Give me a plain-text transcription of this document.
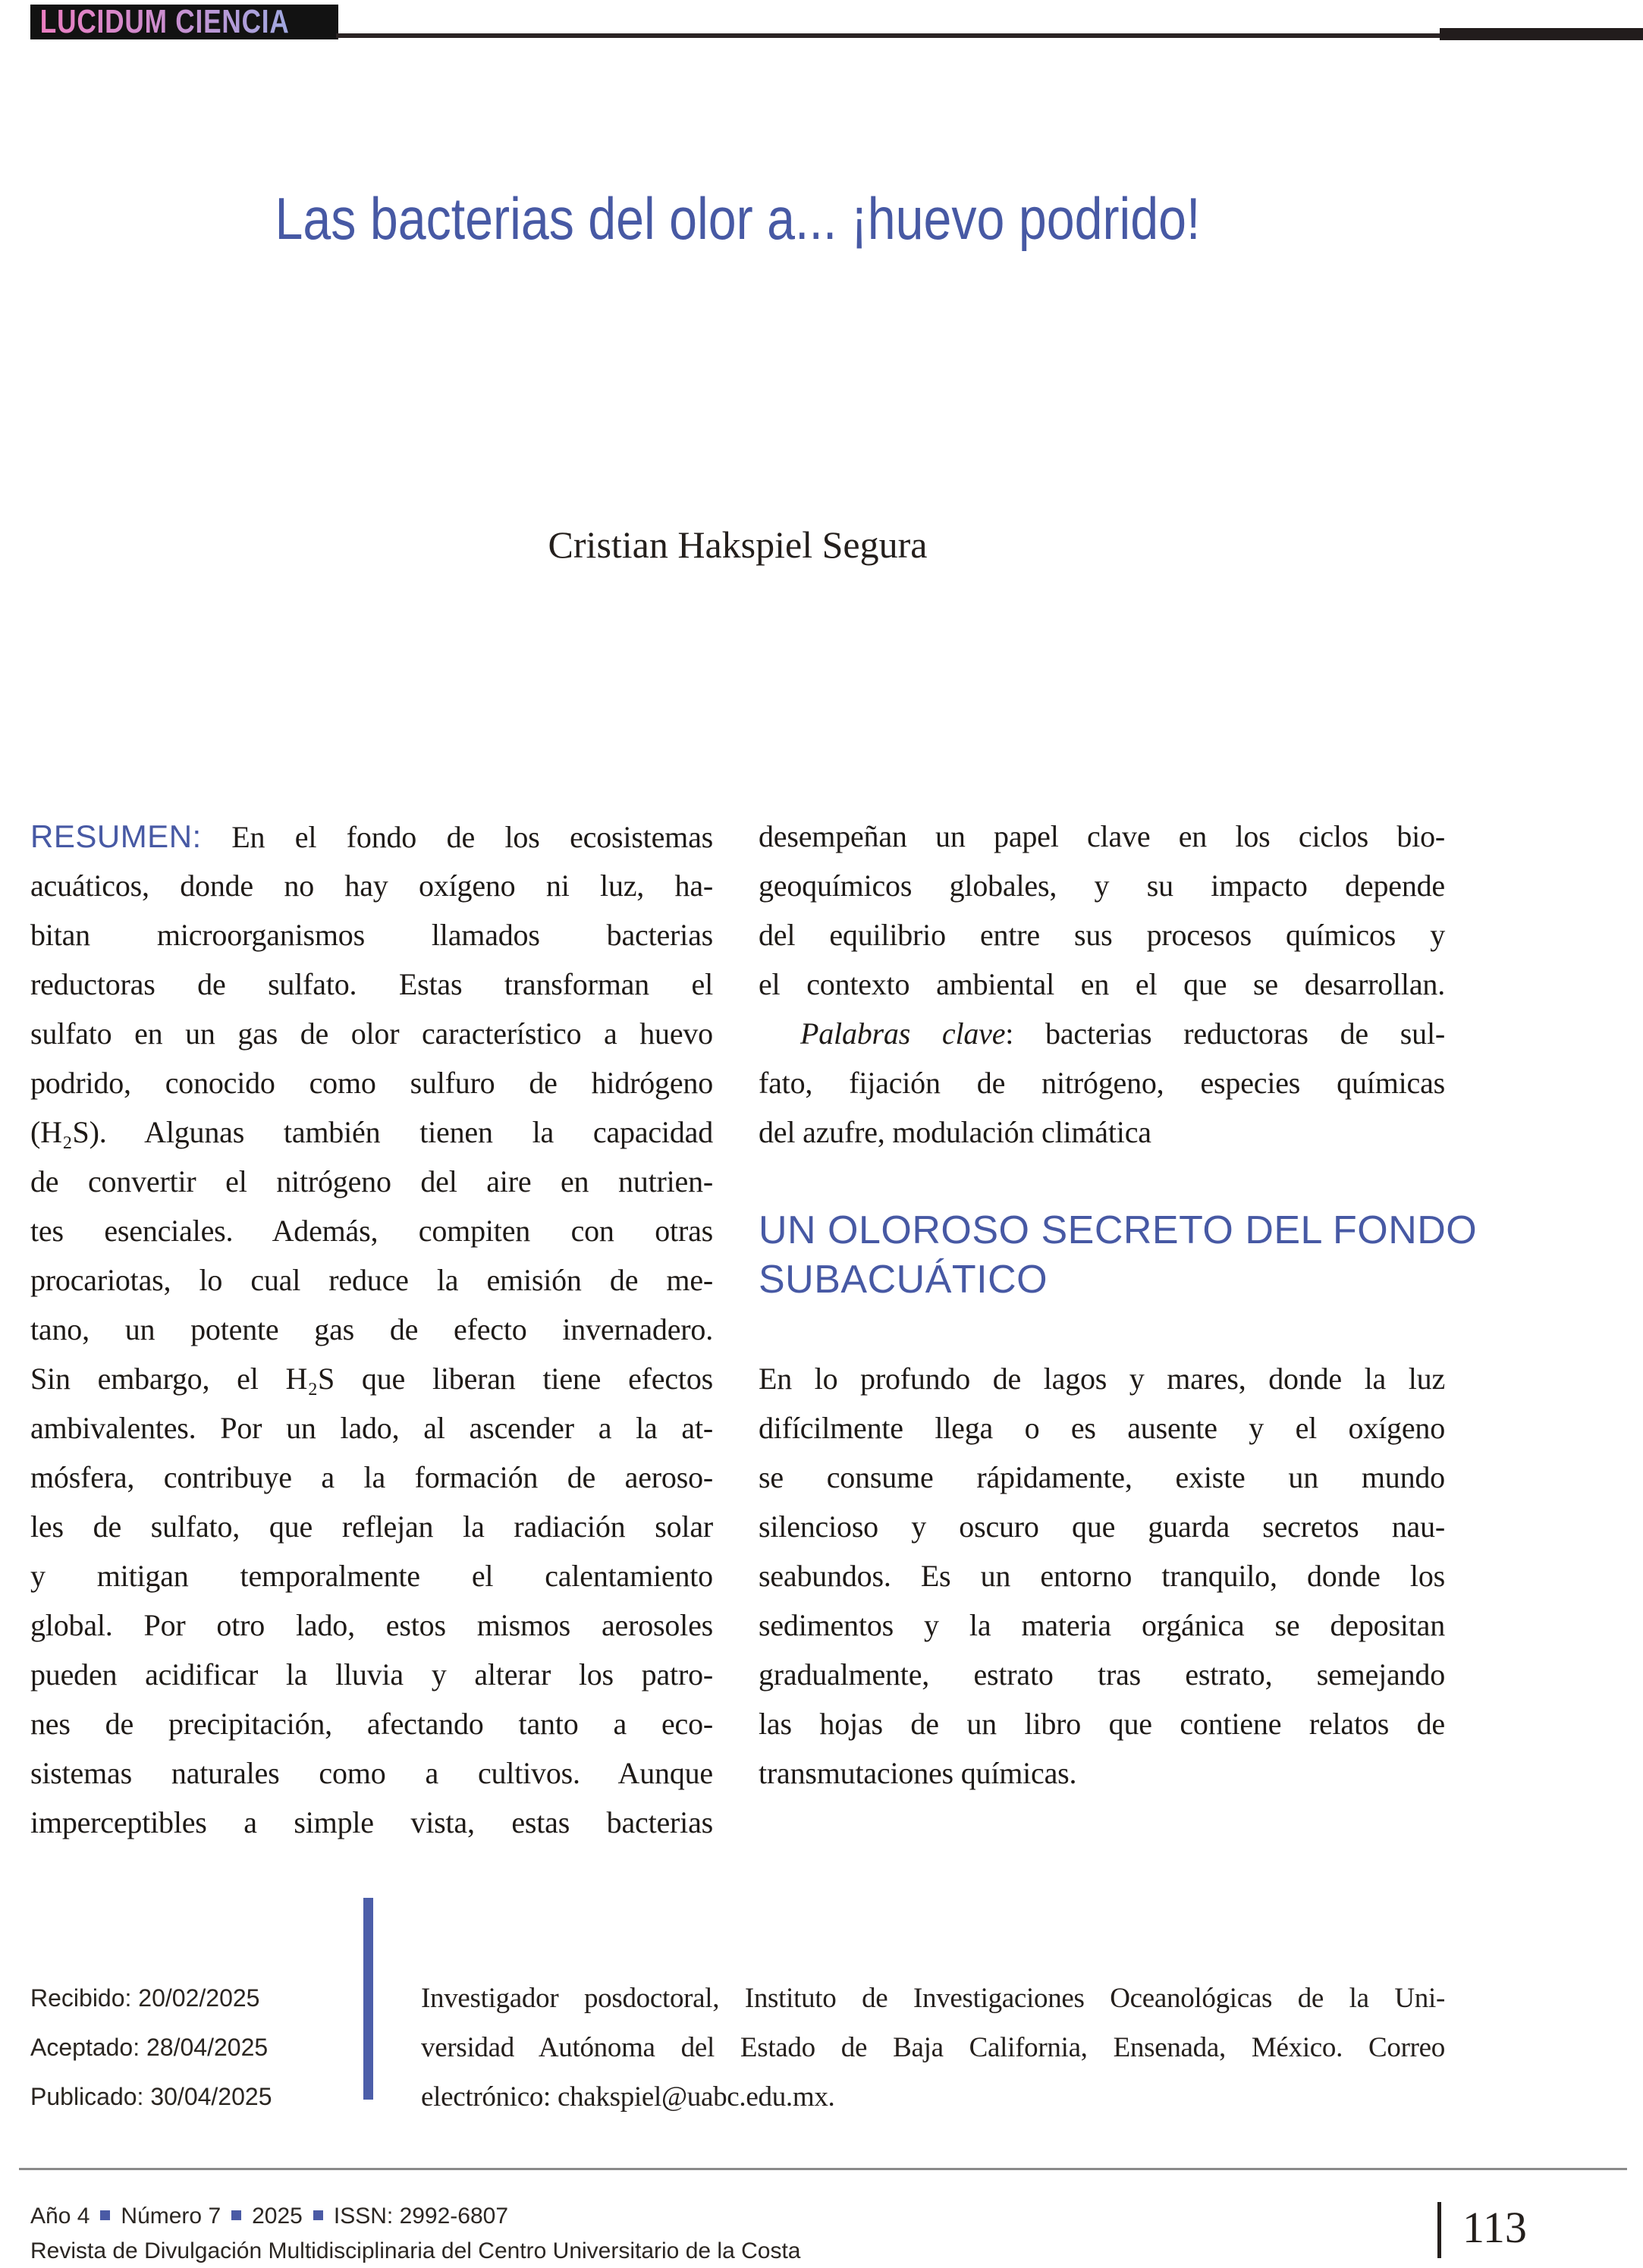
LUCIDUM CIENCIA
Las bacterias del olor a... ¡huevo podrido!
Cristian Hakspiel Segura
RESUMEN: En el fondo de los ecosistemas
acuáticos, donde no hay oxígeno ni luz, ha-
bitan microorganismos llamados bacterias
reductoras de sulfato. Estas transforman el
sulfato en un gas de olor característico a huevo
podrido, conocido como sulfuro de hidrógeno
(H₂S). Algunas también tienen la capacidad
de convertir el nitrógeno del aire en nutrien-
tes esenciales. Además, compiten con otras
procariotas, lo cual reduce la emisión de me-
tano, un potente gas de efecto invernadero.
Sin embargo, el H₂S que liberan tiene efectos
ambivalentes. Por un lado, al ascender a la at-
mósfera, contribuye a la formación de aeroso-
les de sulfato, que reflejan la radiación solar
y mitigan temporalmente el calentamiento
global. Por otro lado, estos mismos aerosoles
pueden acidificar la lluvia y alterar los patro-
nes de precipitación, afectando tanto a eco-
sistemas naturales como a cultivos. Aunque
imperceptibles a simple vista, estas bacterias
desempeñan un papel clave en los ciclos bio-
geoquímicos globales, y su impacto depende
del equilibrio entre sus procesos químicos y
el contexto ambiental en el que se desarrollan.
Palabras clave: bacterias reductoras de sul-
fato, fijación de nitrógeno, especies químicas
del azufre, modulación climática
UN OLOROSO SECRETO DEL FONDO
SUBACUÁTICO
En lo profundo de lagos y mares, donde la luz
difícilmente llega o es ausente y el oxígeno
se consume rápidamente, existe un mundo
silencioso y oscuro que guarda secretos nau-
seabundos. Es un entorno tranquilo, donde los
sedimentos y la materia orgánica se depositan
gradualmente, estrato tras estrato, semejando
las hojas de un libro que contiene relatos de
transmutaciones químicas.
Recibido: 20/02/2025
Aceptado: 28/04/2025
Publicado: 30/04/2025
Investigador posdoctoral, Instituto de Investigaciones Oceanológicas de la Uni-
versidad Autónoma del Estado de Baja California, Ensenada, México. Correo
electrónico: chakspiel@uabc.edu.mx.
Año 4 Número 7 2025 ISSN: 2992-6807
Revista de Divulgación Multidisciplinaria del Centro Universitario de la Costa	113
